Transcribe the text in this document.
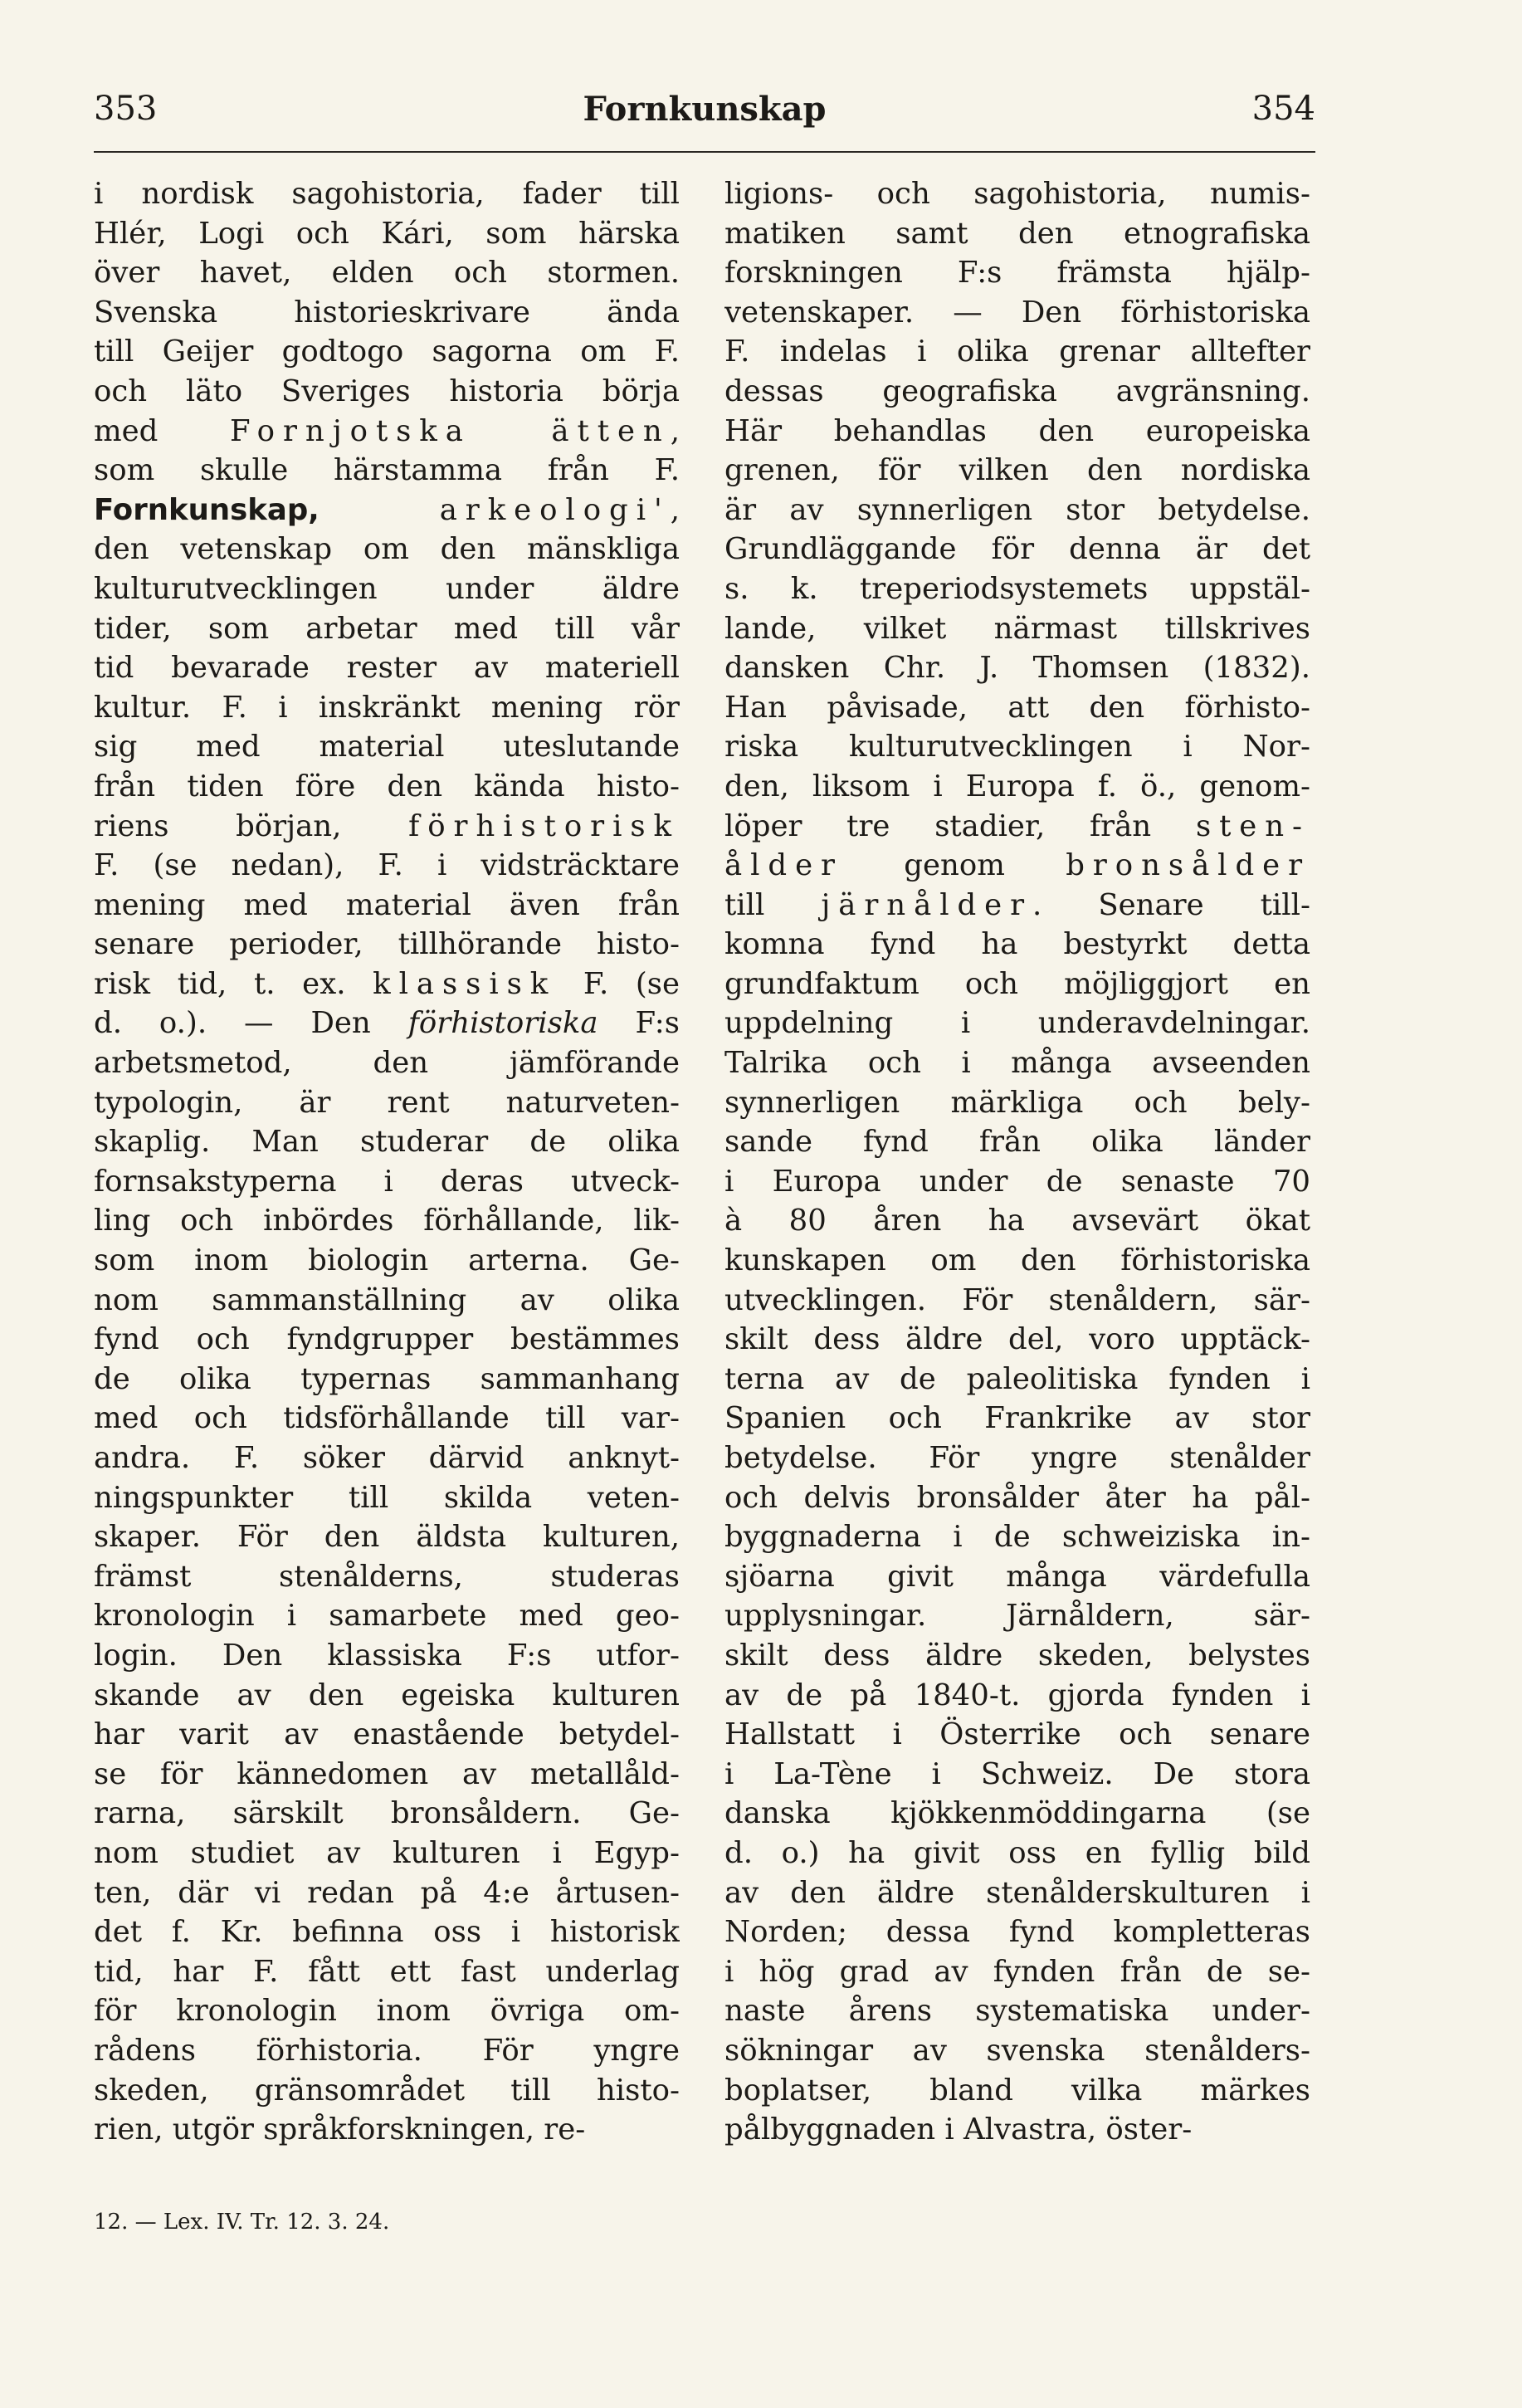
353	Fornkunskap	354
i nordisk sagohistoria, fader till
Hlér, Logi och Kári, som härska
över havet, elden och stormen.
Svenska historieskrivare ända
till Geijer godtogo sagorna om F.
och läto Sveriges historia börja
med Fornjotska ätten,
som skulle härstamma från F.
Fornkunskap,	arkeologi',
den vetenskap om den mänskliga
kulturutvecklingen under äldre
tider, som arbetar med till vår
tid bevarade rester av materiell
kultur. F. i inskränkt mening rör
sig med material uteslutande
från tiden före den kända histo-
riens början, förhistorisk
F. (se nedan), F. i vidsträcktare
mening med material även från
senare perioder, tillhörande histo-
risk tid, t. ex. klassisk F. (se
d. o.). — Den förhistoriska F:s
arbetsmetod, den jämförande
typologin, är rent naturveten-
skaplig. Man studerar de olika
fornsakstyperna i deras utveck-
ling och inbördes förhållande, lik-
som inom biologin arterna. Ge-
nom sammanställning av olika
fynd och fyndgrupper bestämmes
de olika typernas sammanhang
med och tidsförhållande till var-
andra. F. söker därvid anknyt-
ningspunkter till skilda veten-
skaper. För den äldsta kulturen,
främst stenålderns, studeras
kronologin i samarbete med geo-
login. Den klassiska F:s utfor-
skande av den egeiska kulturen
har varit av enastående betydel-
se för kännedomen av metallåld-
rarna, särskilt bronsåldern. Ge-
nom studiet av kulturen i Egyp-
ten, där vi redan på 4:e årtusen-
det f. Kr. befinna oss i historisk
tid, har F. fått ett fast underlag
för kronologin inom övriga om-
rådens förhistoria. För yngre
skeden, gränsområdet till histo-
rien, utgör språkforskningen, re-
ligions- och sagohistoria, numis-
matiken samt den etnografiska
forskningen F:s främsta hjälp-
vetenskaper. — Den förhistoriska
F. indelas i olika grenar alltefter
dessas geografiska avgränsning.
Här behandlas den europeiska
grenen, för vilken den nordiska
är av synnerligen stor betydelse.
Grundläggande för denna är det
s. k. treperiodsystemets uppstäl-
lande, vilket närmast tillskrives
dansken Chr. J. Thomsen (1832).
Han påvisade, att den förhisto-
riska kulturutvecklingen i Nor-
den, liksom i Europa f. ö., genom-
löper tre stadier, från sten-
ålder genom bronsålder
till järnålder. Senare till-
komna fynd ha bestyrkt detta
grundfaktum och möjliggjort en
uppdelning i underavdelningar.
Talrika och i många avseenden
synnerligen märkliga och bely-
sande fynd från olika länder
i Europa under de senaste 70
à 80 åren ha avsevärt ökat
kunskapen om den förhistoriska
utvecklingen. För stenåldern, sär-
skilt dess äldre del, voro upptäck-
terna av de paleolitiska fynden i
Spanien och Frankrike av stor
betydelse. För yngre stenålder
och delvis bronsålder åter ha pål-
byggnaderna i de schweiziska in-
sjöarna givit många värdefulla
upplysningar. Järnåldern, sär-
skilt dess äldre skeden, belystes
av de på 1840-t. gjorda fynden i
Hallstatt i Österrike och senare
i La-Tène i Schweiz. De stora
danska kjökkenmöddingarna (se
d. o.) ha givit oss en fyllig bild
av den äldre stenålderskulturen i
Norden; dessa fynd kompletteras
i hög grad av fynden från de se-
naste årens systematiska under-
sökningar av svenska stenålders-
boplatser, bland vilka märkes
pålbyggnaden i Alvastra, öster-
12. — Lex. IV. Tr. 12. 3. 24.
